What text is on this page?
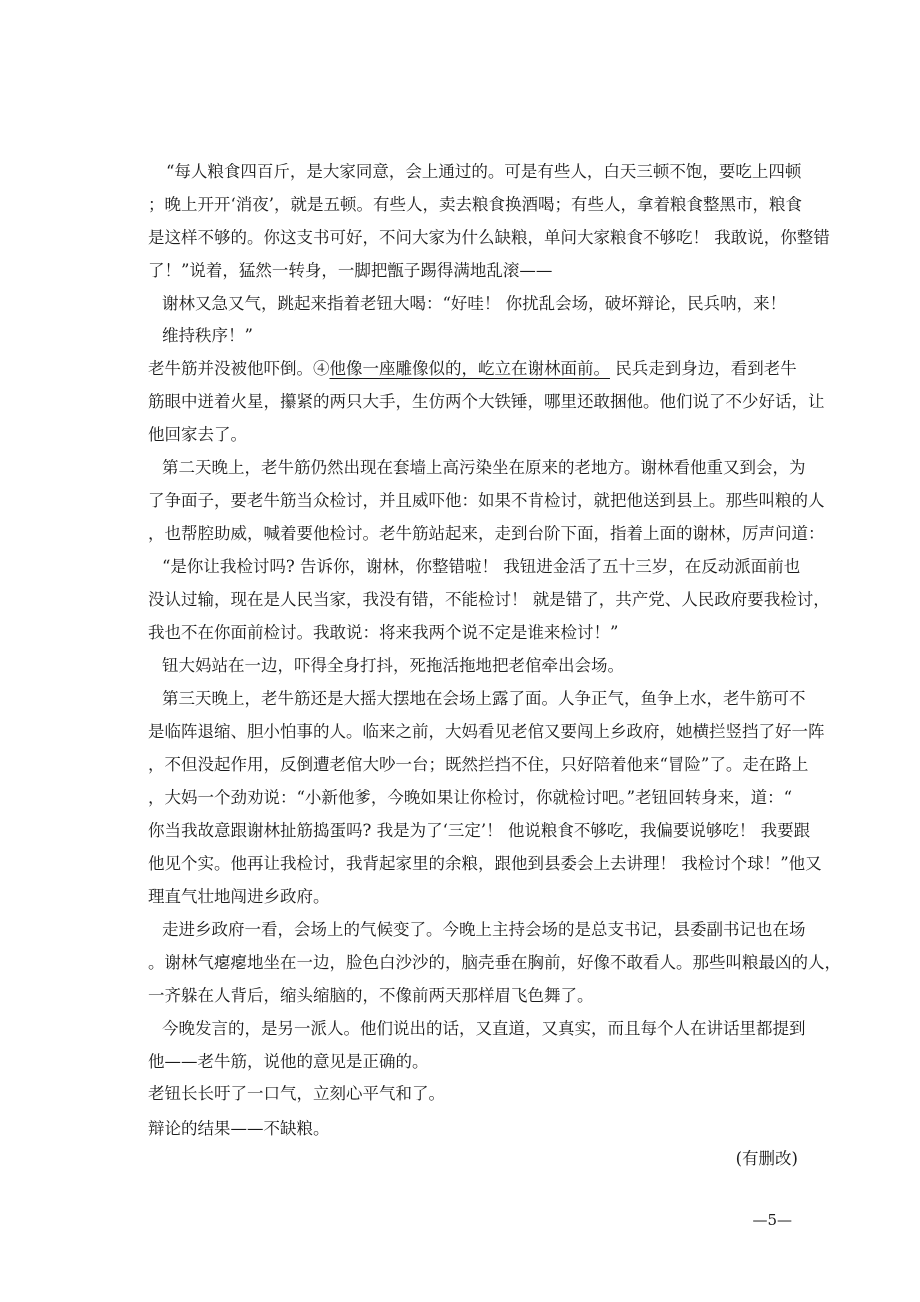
“每人粮食四百斤，是大家同意，会上通过的。可是有些人，白天三顿不饱，要吃上四顿
；晚上开开‘消夜’，就是五顿。有些人，卖去粮食换酒喝；有些人，拿着粮食整黑市，粮食
是这样不够的。你这支书可好，不问大家为什么缺粮，单问大家粮食不够吃！ 我敢说，你整错
了！”说着，猛然一转身，一脚把甑子踢得满地乱滚——
谢林又急又气，跳起来指着老钮大喝：“好哇！ 你扰乱会场，破坏辩论，民兵呐，来！
维持秩序！”
老牛筋并没被他吓倒。④他像一座雕像似的，屹立在谢林面前。 民兵走到身边，看到老牛
筋眼中迸着火星，攥紧的两只大手，生仿两个大铁锤，哪里还敢捆他。他们说了不少好话，让
他回家去了。
第二天晚上，老牛筋仍然出现在套墙上高污染坐在原来的老地方。谢林看他重又到会，为
了争面子，要老牛筋当众检讨，并且威吓他：如果不肯检讨，就把他送到县上。那些叫粮的人
，也帮腔助威，喊着要他检讨。老牛筋站起来，走到台阶下面，指着上面的谢林，厉声问道：
“是你让我检讨吗? 告诉你，谢林，你整错啦！ 我钮进金活了五十三岁，在反动派面前也
没认过输，现在是人民当家，我没有错，不能检讨！ 就是错了，共产党、人民政府要我检讨，
我也不在你面前检讨。我敢说：将来我两个说不定是谁来检讨！”
钮大妈站在一边，吓得全身打抖，死拖活拖地把老倌牵出会场。
第三天晚上，老牛筋还是大摇大摆地在会场上露了面。人争正气，鱼争上水，老牛筋可不
是临阵退缩、胆小怕事的人。临来之前，大妈看见老倌又要闯上乡政府，她横拦竖挡了好一阵
，不但没起作用，反倒遭老倌大吵一台；既然拦挡不住，只好陪着他来“冒险”了。走在路上
，大妈一个劲劝说：“小新他爹，今晚如果让你检讨，你就检讨吧。”老钮回转身来，道：“
你当我故意跟谢林扯筋捣蛋吗? 我是为了‘三定’！ 他说粮食不够吃，我偏要说够吃！ 我要跟
他见个实。他再让我检讨，我背起家里的余粮，跟他到县委会上去讲理！ 我检讨个球！”他又
理直气壮地闯进乡政府。
走进乡政府一看，会场上的气候变了。今晚上主持会场的是总支书记，县委副书记也在场
。谢林气瘪瘪地坐在一边，脸色白沙沙的，脑壳垂在胸前，好像不敢看人。那些叫粮最凶的人，
一齐躲在人背后，缩头缩脑的，不像前两天那样眉飞色舞了。
今晚发言的，是另一派人。他们说出的话，又直道，又真实，而且每个人在讲话里都提到
他——老牛筋，说他的意见是正确的。
老钮长长吁了一口气，立刻心平气和了。
辩论的结果——不缺粮。
(有删改)
—5—
